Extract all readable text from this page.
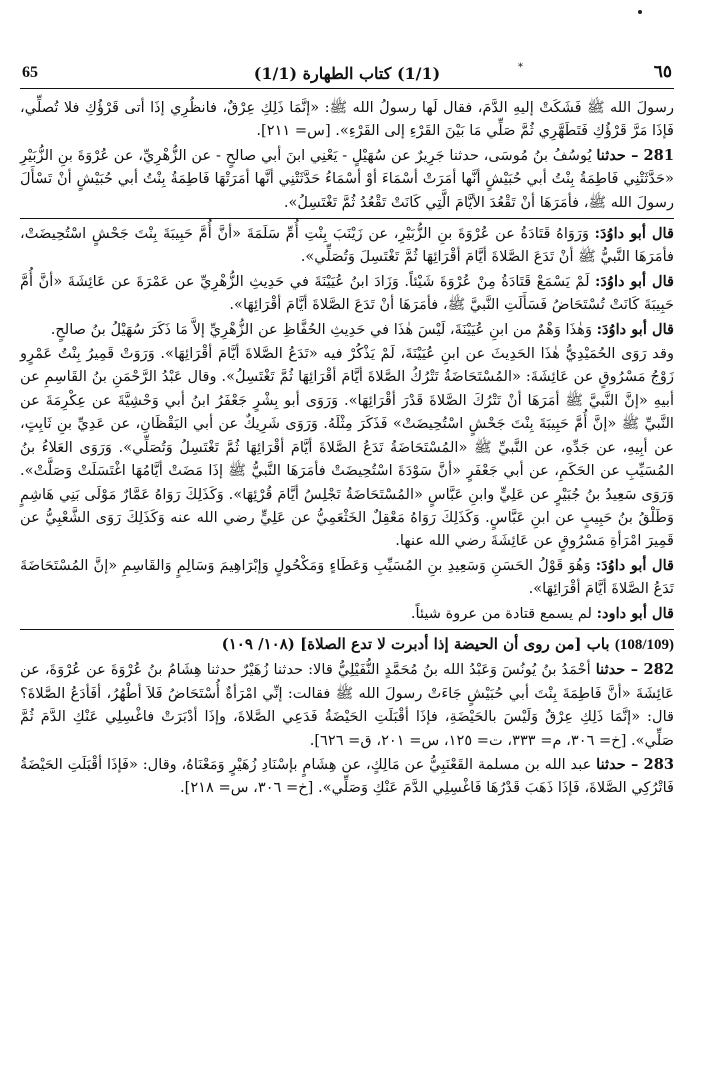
65	*
(1/1) كتاب الطهارة (1/1)	٦٥

رسولَ الله ﷺ فَشَكَتْ إليهِ الدَّمَ، فقال لَها رسولُ الله ﷺ: «إنَّمَا ذَلِكِ عِرْقٌ، فانظُرِي إذَا أتى قَرْؤُكِ فلا تُصلِّي، فَإذَا مَرَّ قَرْؤُكِ فَتَطَهَّرِي ثُمَّ صَلِّي مَا بَيْنَ القَرْءِ إلى القَرْءِ». [س= ٢١١].

281 – حدثنا يُوسُفُ بنُ مُوسَى، حدثنا جَرِيرٌ عن سُهَيْلٍ - يَعْنِي ابنَ أبي صالحٍ - عن الزُّهْرِيِّ، عن عُرْوَةَ بنِ الزُّبَيْرِ «حَدَّثَتْنِي فَاطِمَةُ بِنْتُ أبي حُبَيْشٍ أنَّها أمَرَتْ أسْمَاءَ أوْ أسْمَاءُ حَدَّثَتْنِي أنَّها أمَرَتْهَا فَاطِمَةُ بِنْتُ أبي حُبَيْشٍ أنْ تَسْأَلَ رسولَ الله ﷺ، فأمَرَهَا أنْ تَقْعُدَ الأيَّامَ الَّتِي كَانَتْ تَقْعُدُ ثُمَّ تَغْتَسِلُ».

قال أبو داوُدَ: وَرَوَاهُ قَتَادَةُ عن عُرْوَةَ بنِ الزُّبَيْرِ، عن زَيْنَبَ بِنْتِ أُمِّ سَلَمَةَ «أنَّ أُمَّ حَبِيبَةَ بِنْتَ جَحْشٍ اسْتُحِيضَتْ، فأمَرَهَا النَّبيُّ ﷺ أنْ تَدَعَ الصَّلاةَ أيَّامَ أقْرَائِهَا ثُمَّ تَغْتَسِلَ وَتُصَلِّي».

قال أبو داوُدَ: لَمْ يَسْمَعْ قَتَادَةُ مِنْ عُرْوَةَ شَيْئاً. وَزَادَ ابنُ عُيَيْنَةَ في حَدِيثِ الزُّهْرِيِّ عن عَمْرَةَ عن عَائِشَةَ «أنَّ أُمَّ حَبِيبَةَ كَانَتْ تُسْتَحَاضُ فَسَأَلَتِ النَّبيَّ ﷺ، فأمَرَهَا أنْ تَدَعَ الصَّلاةَ أيَّامَ أقْرَائِهَا».

قال أبو داوُدَ: وَهٰذَا وَهْمٌ من ابنِ عُيَيْنَةَ، لَيْسَ هٰذَا في حَدِيثِ الحُفَّاظِ عن الزُّهْرِيِّ إلاَّ مَا ذَكَرَ سُهَيْلُ بنُ صالحٍ.

وقد رَوَى الحُمَيْدِيُّ هٰذَا الحَدِيثَ عن ابنِ عُيَيْنَةَ، لَمْ يَذْكُرْ فيه «تَدَعُ الصَّلاةَ أيَّامَ أقْرَائِهَا». وَرَوَتْ قَمِيرُ بِنْتُ عَمْرٍو زَوْجُ مَسْرُوقٍ عن عَائِشَةَ: «المُسْتَحَاضَةُ تَتْرُكُ الصَّلاةَ أيَّامَ أقْرَائِهَا ثُمَّ تَغْتَسِلُ». وقال عَبْدُ الرَّحْمَنِ بنُ القَاسِمِ عن أبيهِ «إنَّ النَّبيَّ ﷺ أمَرَهَا أنْ تَتْرُكَ الصَّلاةَ قَدْرَ أقْرَائِهَا». وَرَوَى أبو بِشْرٍ جَعْفَرُ ابنُ أبي وَحْشِيَّةَ عن عِكْرِمَةَ عن النَّبيِّ ﷺ «إنَّ أُمَّ حَبِيبَةَ بِنْتَ جَحْشٍ اسْتُحِيضَتْ» فَذَكَرَ مِثْلَهُ. وَرَوَى شَرِيكٌ عن أبي اليَقْظَانِ، عن عَدِيِّ بنِ ثَابِتٍ، عن أبِيهِ، عن جَدِّهِ، عن النَّبيِّ ﷺ «المُسْتَحَاضَةُ تَدَعُ الصَّلاةَ أيَّامَ أقْرَائِهَا ثُمَّ تَغْتَسِلُ وَتُصَلِّي». وَرَوَى العَلاءُ بنُ المُسَيِّبِ عن الحَكَمِ، عن أبي جَعْفَرٍ «أنَّ سَوْدَةَ اسْتُحِيضَتْ فأمَرَهَا النَّبيُّ ﷺ إذَا مَضَتْ أيَّامُهَا اغْتَسَلَتْ وَصَلَّتْ». وَرَوَى سَعِيدُ بنُ جُبَيْرٍ عن عَلِيٍّ وابنِ عَبَّاسٍ «المُسْتَحَاضَةُ تَجْلِسُ أيَّامَ قُرْئِهَا». وَكَذَلِكَ رَوَاهُ عَمَّارٌ مَوْلَى بَنِي هَاشِمٍ وَطَلْقُ بنُ حَبِيبٍ عن ابنِ عَبَّاسٍ. وَكَذَلِكَ رَوَاهُ مَعْقِلٌ الخَثْعَمِيُّ عن عَلِيٍّ رضي الله عنه وَكَذَلِكَ رَوَى الشَّعْبِيُّ عن قَمِيرَ امْرَأةِ مَسْرُوقٍ عن عَائِشَةَ رضي الله عنها.

قال أبو داوُدَ: وَهُوَ قَوْلُ الحَسَنِ وَسَعِيدِ بنِ المُسَيِّبِ وَعَطَاءٍ وَمَكْحُولٍ وَإبْرَاهِيمَ وَسَالِمٍ وَالقَاسِمِ «إنَّ المُسْتَحَاضَةَ تَدَعُ الصَّلاةَ أيَّامَ أقْرَائِهَا».

قال أبو داود: لم يسمع قتادة من عروة شيئاً.

(108/109) باب [من روى أن الحيضة إذا أدبرت لا تدع الصلاة] (١٠٨/ ١٠٩)

282 – حدثنا أحْمَدُ بنُ يُونُسَ وَعَبْدُ الله بنُ مُحَمَّدٍ النُّفَيْلِيُّ قالا: حدثنا زُهَيْرٌ حدثنا هِشَامُ بنُ عُرْوَةَ عن عُرْوَةَ، عن عَائِشَةَ «أنَّ فَاطِمَةَ بِنْتَ أبي حُبَيْشٍ جَاءَتْ رسولَ الله ﷺ فقالت: إنِّي امْرَأةٌ أُسْتَحَاضُ فَلاَ أطْهُرُ، أفَأدَعُ الصَّلاةَ؟ قال: «إنَّمَا ذَلِكِ عِرْقٌ وَلَيْسَ بالحَيْضَةِ، فإذَا أقْبَلَتِ الحَيْضَةُ فَدَعِي الصَّلاةَ، وإذَا أدْبَرَتْ فاغْسِلِي عَنْكِ الدَّمَ ثُمَّ صَلِّي». [خ= ٣٠٦، م= ٣٣٣، ت= ١٢٥، س= ٢٠١، ق= ٦٢٦].

283 – حدثنا عبد الله بن مسلمة القَعْنَبِيُّ عن مَالِكٍ، عن هِشَامٍ بإسْنَادِ زُهَيْرٍ وَمَعْنَاهُ، وقال: «فَإذَا أقْبَلَتِ الحَيْضَةُ فَاتْرُكِي الصَّلاةَ، فَإذَا ذَهَبَ قَدْرُهَا فَاغْسِلِي الدَّمَ عَنْكِ وَصَلِّي». [خ= ٣٠٦، س= ٢١٨].
